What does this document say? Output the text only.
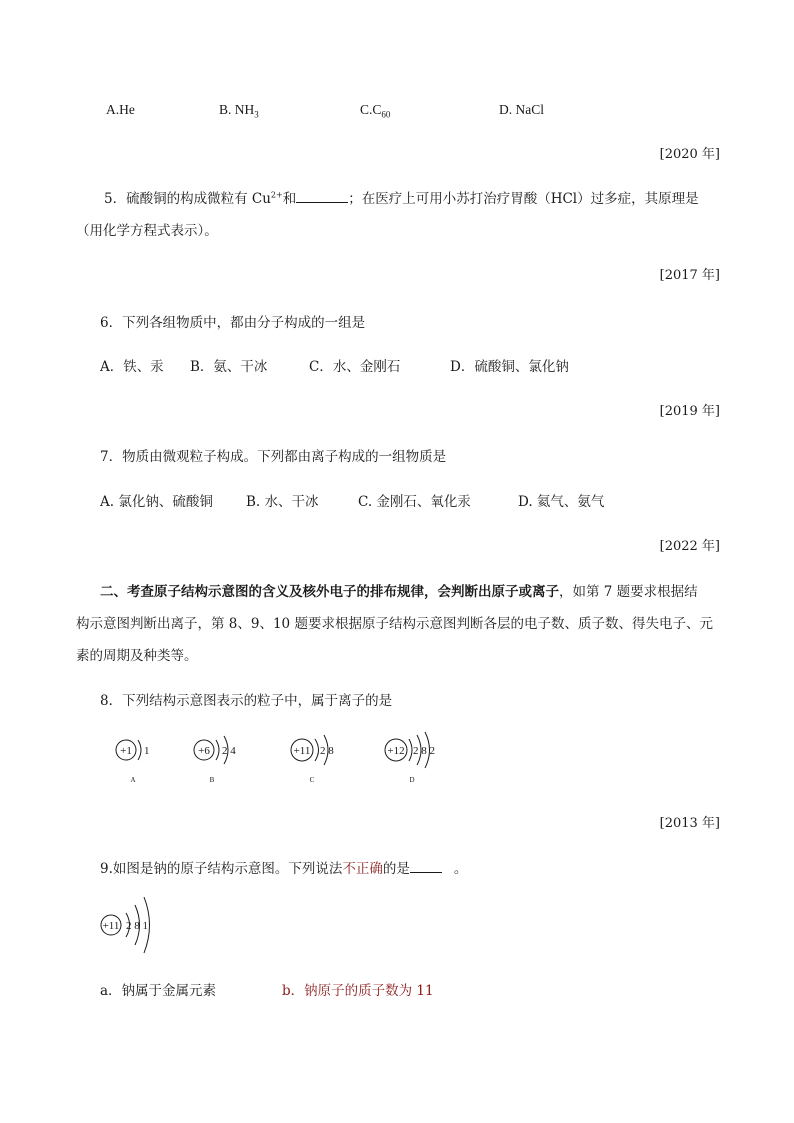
A.He	B. $NH_3$	$C.C_{60}$	D. NaCl
[2020 年]
5．硫酸铜的构成微粒有 $Cu^{2+}$和	；在医疗上可用小苏打治疗胃酸（HCl）过多症，其原理是
（用化学方程式表示）。
[2017 年]
6．下列各组物质中，都由分子构成的一组是
A．铁、汞 B．氨、干冰	C．水、金刚石	D．硫酸铜、氯化钠
[2019 年]
7．物质由微观粒子构成。下列都由离子构成的一组物质是
A. 氯化钠、硫酸铜 B. 水、干冰	C. 金刚石、氧化汞	D. 氦气、氨气
[2022 年]
二、考查原子结构示意图的含义及核外电子的排布规律，会判断出原子或离子，如第 7 题要求根据结
构示意图判断出离子，第 8、9、10 题要求根据原子结构示意图判断各层的电子数、质子数、得失电子、元
素的周期及种类等。
8．下列结构示意图表示的粒子中，属于离子的是
+1 1
A
+6 2 4
B
+11 2 8
C
+12 2 8 2
D
[2013 年]
9.如图是钠的原子结构示意图。下列说法不正确的是	。
+11 2 8 1
a．钠属于金属元素	b．钠原子的质子数为 11
